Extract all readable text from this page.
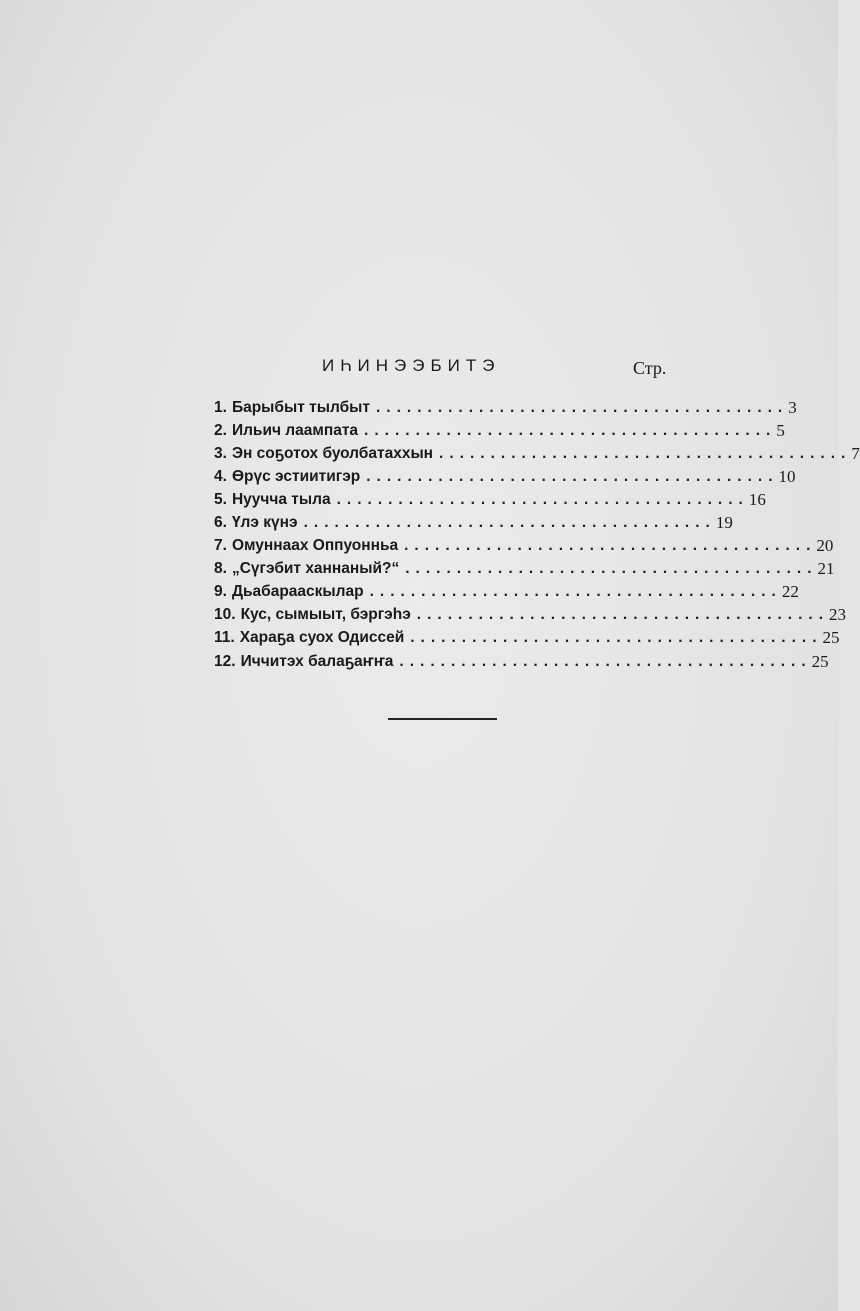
ИҺИНЭЭБИТЭ	Стр.
1. Барыбыт тылбыт ........................................ 3
2. Ильич лаампата ........................................ 5
3. Эн соҕотох буолбатаххын ........................................ 7
4. Өрүс эстиитигэр ........................................ 10
5. Нуучча тыла ........................................ 16
6. Үлэ күнэ ........................................ 19
7. Омуннаах Оппуонньа ........................................ 20
8. „Сүгэбит ханнаный?“ ........................................ 21
9. Дьабарааскылар ........................................ 22
10. Кус, сымыыт, бэргэһэ ........................................ 23
11. Хараҕа суох Одиссей ........................................ 25
12. Иччитэх балаҕаҥҥа ........................................ 25
